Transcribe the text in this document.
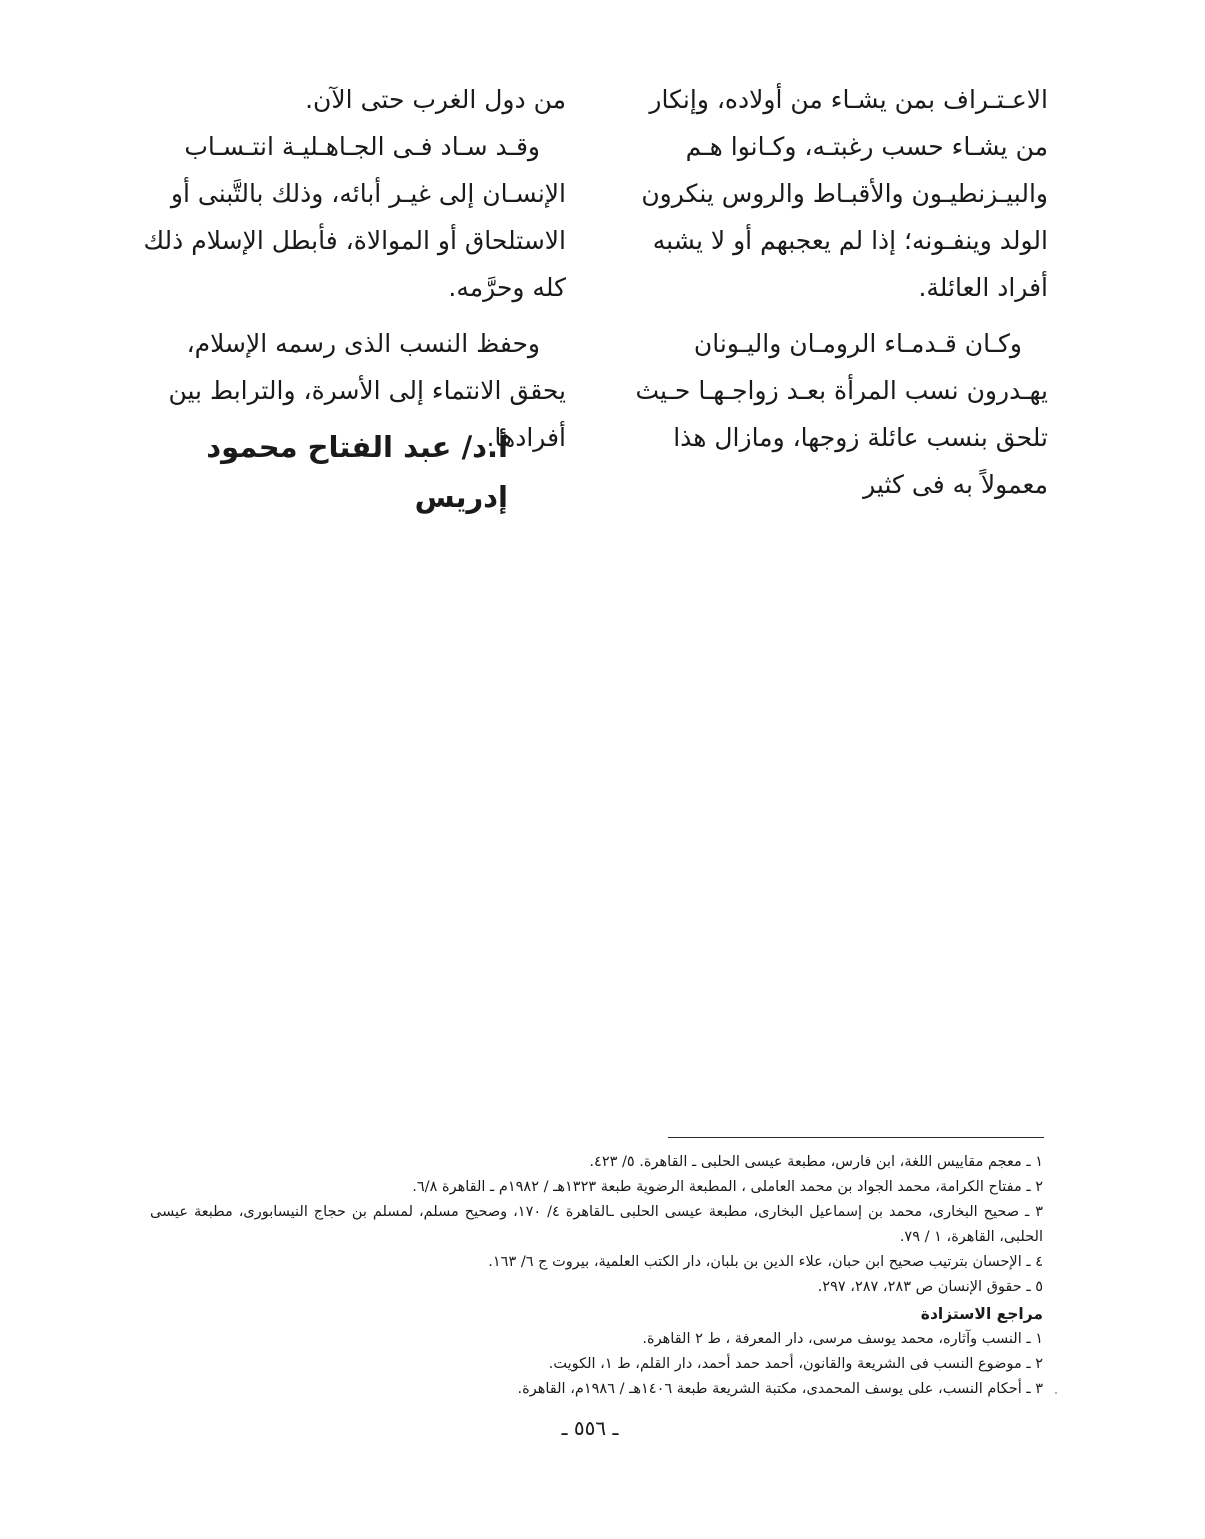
الاعـتـراف بمن يشـاء من أولاده، وإنكار من يشـاء حسب رغبتـه، وكـانوا هـم والبيـزنطيـون والأقبـاط والروس ينكرون الولد وينفـونه؛ إذا لم يعجبهم أو لا يشبه أفراد العائلة.

وكـان قـدمـاء الرومـان واليـونان يهـدرون نسب المرأة بعـد زواجـهـا حـيث تلحق بنسب عائلة زوجها، ومازال هذا معمولاً به فى كثير

من دول الغرب حتى الآن.

وقـد سـاد فـى الجـاهـليـة انتـسـاب الإنسـان إلى غيـر أبائه، وذلك بالتَّبنى أو الاستلحاق أو الموالاة، فأبطل الإسلام ذلك كله وحرَّمه.

وحفظ النسب الذى رسمه الإسلام، يحقق الانتماء إلى الأسرة، والترابط بين أفرادها.

أ.د/ عبد الفتاح محمود إدريس

١ ـ معجم مقاييس اللغة، ابن فارس، مطبعة عيسى الحلبى ـ القاهرة. ٥/ ٤٢٣.

٢ ـ مفتاح الكرامة، محمد الجواد بن محمد العاملى ، المطبعة الرضوية طبعة ١٣٢٣هـ / ١٩٨٢م ـ القاهرة ٦/٨.

٣ ـ صحيح البخارى، محمد بن إسماعيل البخارى، مطبعة عيسى الحلبى ـالقاهرة ٤/ ١٧٠، وصحيح مسلم، لمسلم بن حجاج النيسابورى، مطبعة عيسى الحلبى، القاهرة، ١ / ٧٩.

٤ ـ الإحسان بترتيب صحيح ابن حبان، علاء الدين بن بلبان، دار الكتب العلمية، بيروت ج ٦/ ١٦٣.

٥ ـ حقوق الإنسان ص ٢٨٣، ٢٨٧، ٢٩٧.

مراجع الاستزادة

١ ـ النسب وآثاره، محمد يوسف مرسى، دار المعرفة ، ط ٢ القاهرة.

٢ ـ موضوع النسب فى الشريعة والقانون، أحمد حمد أحمد، دار القلم، ط ١، الكويت.

٣ ـ أحكام النسب، على يوسف المحمدى، مكتبة الشريعة طبعة ١٤٠٦هـ / ١٩٨٦م، القاهرة.

ـ ٥٥٦ ـ
